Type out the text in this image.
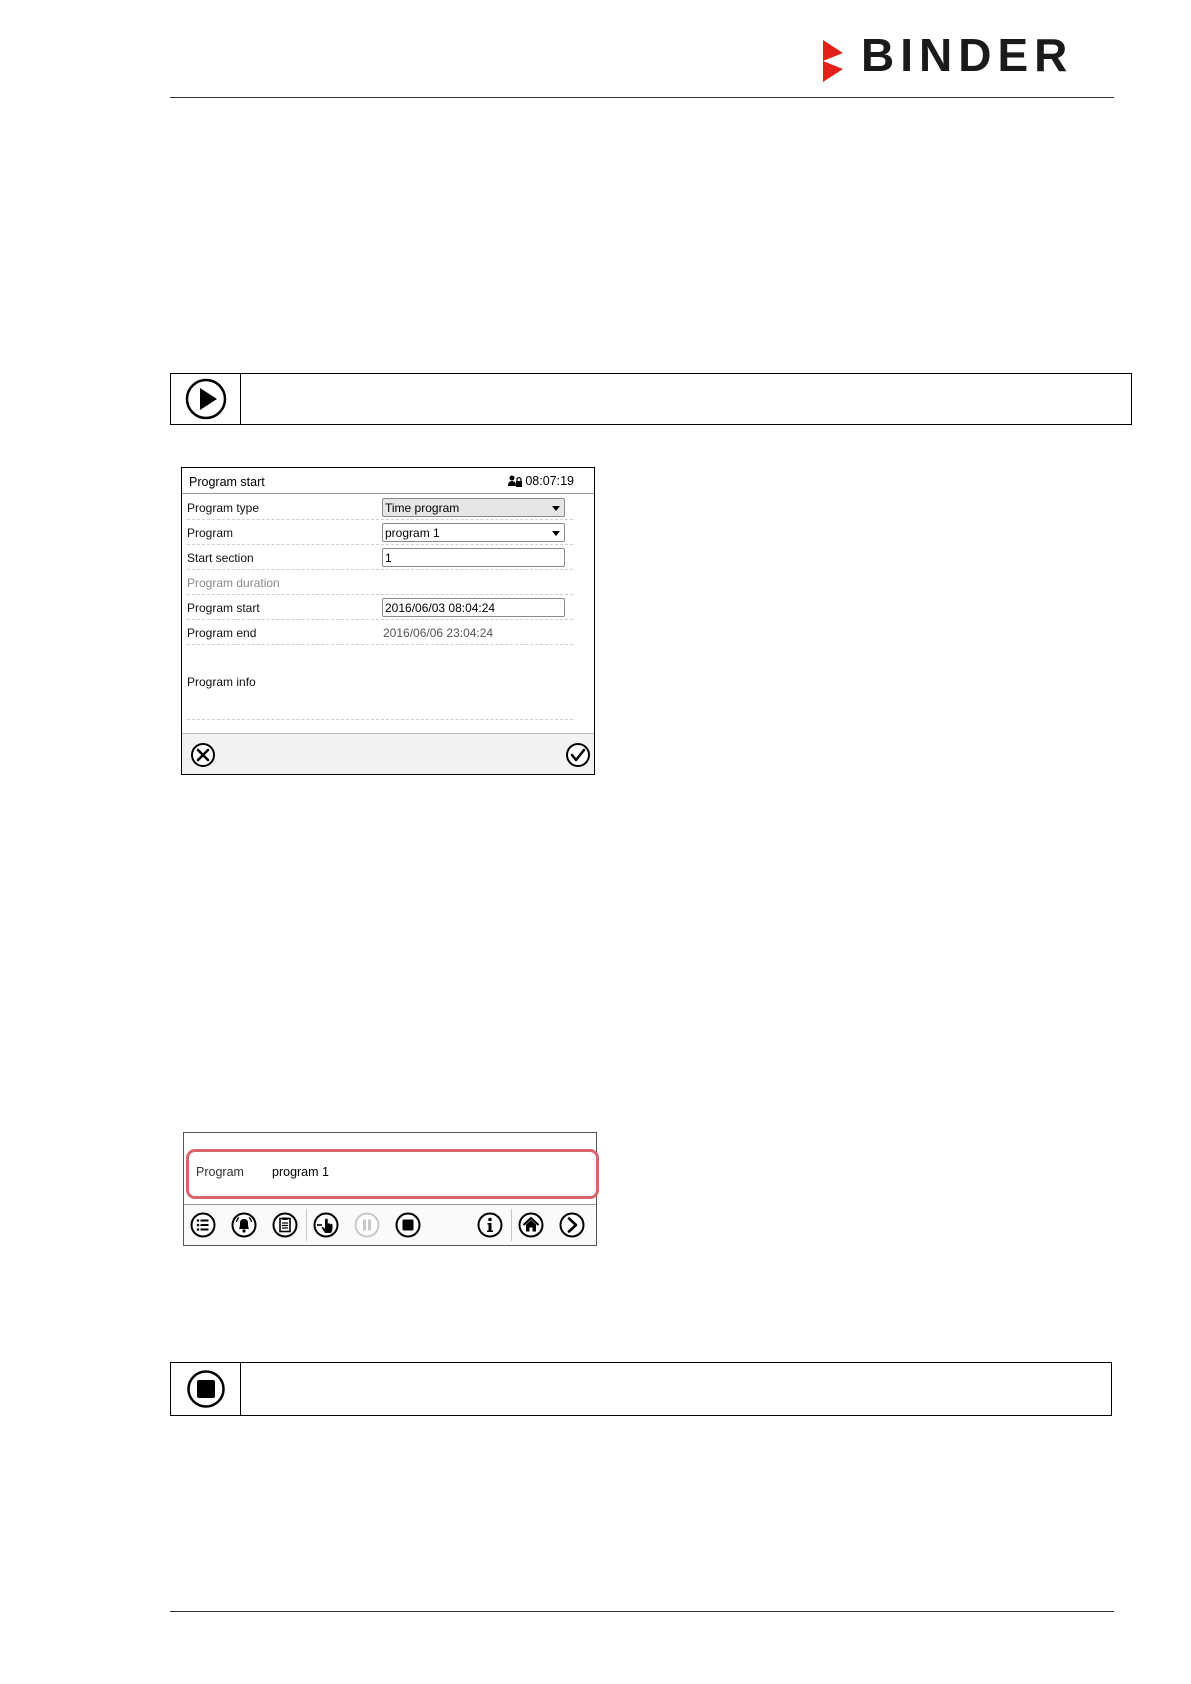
BINDER
Program start	08:07:19
Program type	Time program
Program	program 1
Start section	1
Program duration
Program start	2016/06/03 08:04:24
Program end	2016/06/06 23:04:24
Program info
Program program 1
